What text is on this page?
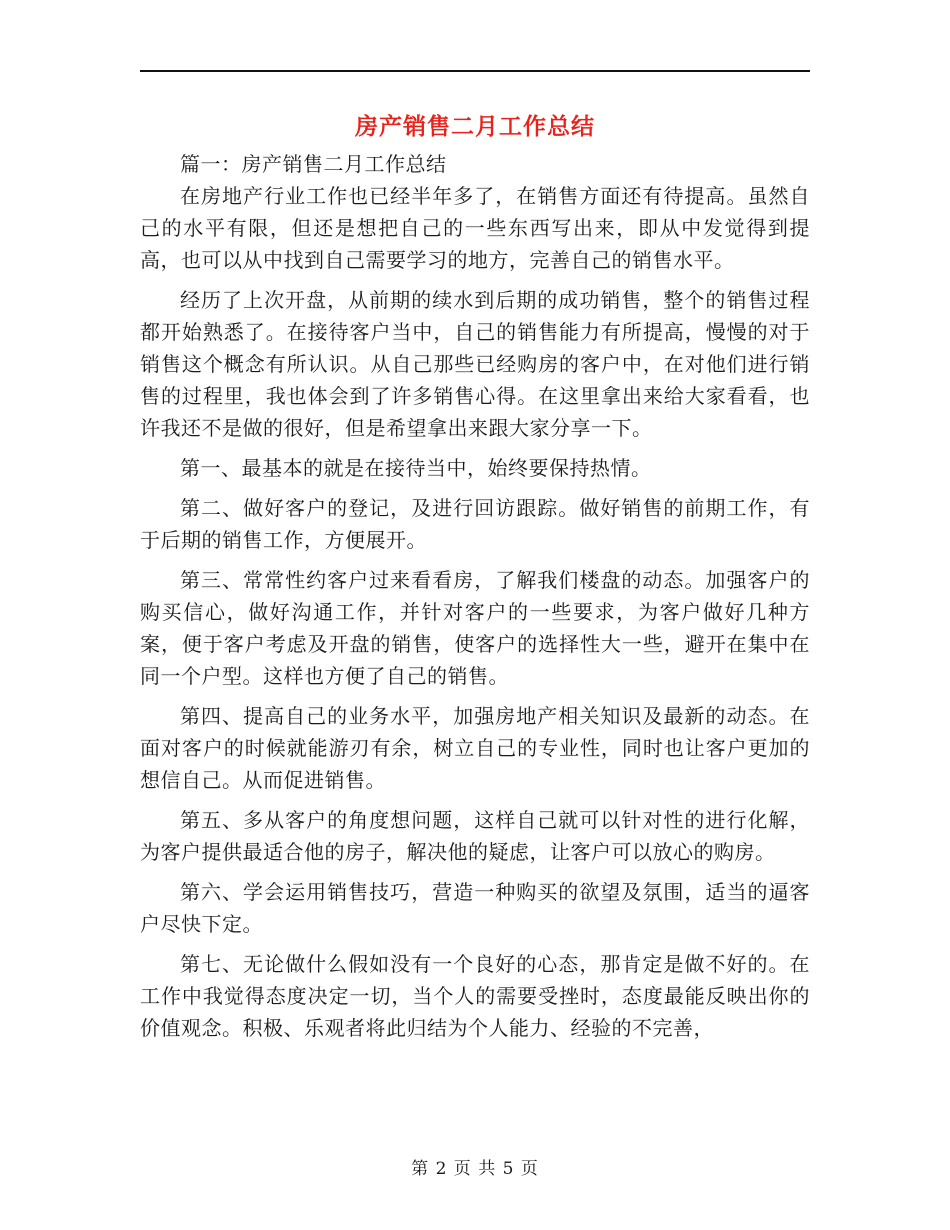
房产销售二月工作总结

篇一：房产销售二月工作总结

在房地产行业工作也已经半年多了，在销售方面还有待提高。虽然自己的水平有限，但还是想把自己的一些东西写出来，即从中发觉得到提高，也可以从中找到自己需要学习的地方，完善自己的销售水平。

经历了上次开盘，从前期的续水到后期的成功销售，整个的销售过程都开始熟悉了。在接待客户当中，自己的销售能力有所提高，慢慢的对于销售这个概念有所认识。从自己那些已经购房的客户中，在对他们进行销售的过程里，我也体会到了许多销售心得。在这里拿出来给大家看看，也许我还不是做的很好，但是希望拿出来跟大家分享一下。

第一、最基本的就是在接待当中，始终要保持热情。

第二、做好客户的登记，及进行回访跟踪。做好销售的前期工作，有于后期的销售工作，方便展开。

第三、常常性约客户过来看看房，了解我们楼盘的动态。加强客户的购买信心，做好沟通工作，并针对客户的一些要求，为客户做好几种方案，便于客户考虑及开盘的销售，使客户的选择性大一些，避开在集中在同一个户型。这样也方便了自己的销售。

第四、提高自己的业务水平，加强房地产相关知识及最新的动态。在面对客户的时候就能游刃有余，树立自己的专业性，同时也让客户更加的想信自己。从而促进销售。

第五、多从客户的角度想问题，这样自己就可以针对性的进行化解，为客户提供最适合他的房子，解决他的疑虑，让客户可以放心的购房。

第六、学会运用销售技巧，营造一种购买的欲望及氛围，适当的逼客户尽快下定。

第七、无论做什么假如没有一个良好的心态，那肯定是做不好的。在工作中我觉得态度决定一切，当个人的需要受挫时，态度最能反映出你的价值观念。积极、乐观者将此归结为个人能力、经验的不完善，

第 2 页 共 5 页
